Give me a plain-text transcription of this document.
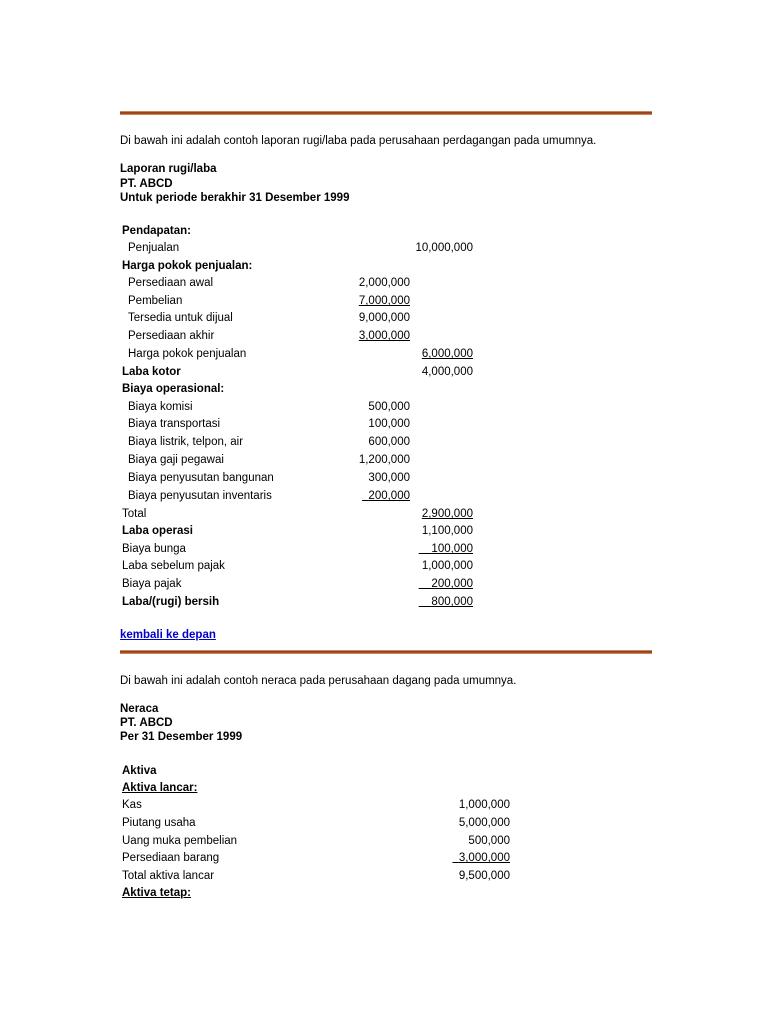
Di bawah ini adalah contoh laporan rugi/laba pada perusahaan perdagangan pada umumnya.
Laporan rugi/laba
PT. ABCD
Untuk periode berakhir 31 Desember 1999
Pendapatan:
Penjualan	10,000,000
Harga pokok penjualan:
Persediaan awal	2,000,000
Pembelian	7,000,000
Tersedia untuk dijual	9,000,000
Persediaan akhir	3,000,000
Harga pokok penjualan	6,000,000
Laba kotor	4,000,000
Biaya operasional:
Biaya komisi	500,000
Biaya transportasi	100,000
Biaya listrik, telpon, air	600,000
Biaya gaji pegawai	1,200,000
Biaya penyusutan bangunan	300,000
Biaya penyusutan inventaris	200,000
Total	2,900,000
Laba operasi	1,100,000
Biaya bunga	100,000
Laba sebelum pajak	1,000,000
Biaya pajak	200,000
Laba/(rugi) bersih	800,000
kembali ke depan
Di bawah ini adalah contoh neraca pada perusahaan dagang pada umumnya.
Neraca
PT. ABCD
Per 31 Desember 1999
Aktiva
Aktiva lancar:
Kas	1,000,000
Piutang usaha	5,000,000
Uang muka pembelian	500,000
Persediaan barang	3,000,000
Total aktiva lancar	9,500,000
Aktiva tetap:
